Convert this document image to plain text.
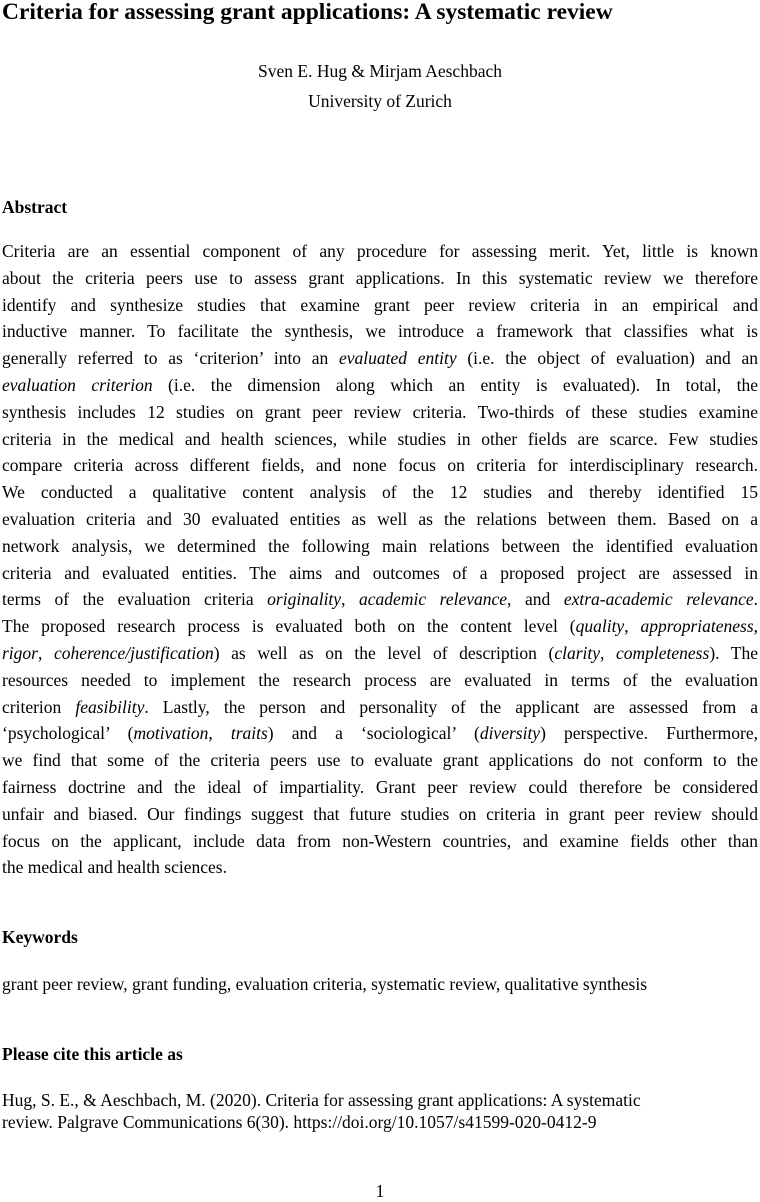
Criteria for assessing grant applications: A systematic review

Sven E. Hug & Mirjam Aeschbach

University of Zurich

Abstract
Criteria are an essential component of any procedure for assessing merit. Yet, little is known
about the criteria peers use to assess grant applications. In this systematic review we therefore
identify and synthesize studies that examine grant peer review criteria in an empirical and
inductive manner. To facilitate the synthesis, we introduce a framework that classifies what is
generally referred to as ‘criterion’ into an evaluated entity (i.e. the object of evaluation) and an
evaluation criterion (i.e. the dimension along which an entity is evaluated). In total, the
synthesis includes 12 studies on grant peer review criteria. Two-thirds of these studies examine
criteria in the medical and health sciences, while studies in other fields are scarce. Few studies
compare criteria across different fields, and none focus on criteria for interdisciplinary research.
We conducted a qualitative content analysis of the 12 studies and thereby identified 15
evaluation criteria and 30 evaluated entities as well as the relations between them. Based on a
network analysis, we determined the following main relations between the identified evaluation
criteria and evaluated entities. The aims and outcomes of a proposed project are assessed in
terms of the evaluation criteria originality, academic relevance, and extra-academic relevance.
The proposed research process is evaluated both on the content level (quality, appropriateness,
rigor, coherence/justification) as well as on the level of description (clarity, completeness). The
resources needed to implement the research process are evaluated in terms of the evaluation
criterion feasibility. Lastly, the person and personality of the applicant are assessed from a
‘psychological’ (motivation, traits) and a ‘sociological’ (diversity) perspective. Furthermore,
we find that some of the criteria peers use to evaluate grant applications do not conform to the
fairness doctrine and the ideal of impartiality. Grant peer review could therefore be considered
unfair and biased. Our findings suggest that future studies on criteria in grant peer review should
focus on the applicant, include data from non-Western countries, and examine fields other than
the medical and health sciences.
Keywords

grant peer review, grant funding, evaluation criteria, systematic review, qualitative synthesis

Please cite this article as
Hug, S. E., & Aeschbach, M. (2020). Criteria for assessing grant applications: A systematic
review. Palgrave Communications 6(30). https://doi.org/10.1057/s41599-020-0412-9

1
